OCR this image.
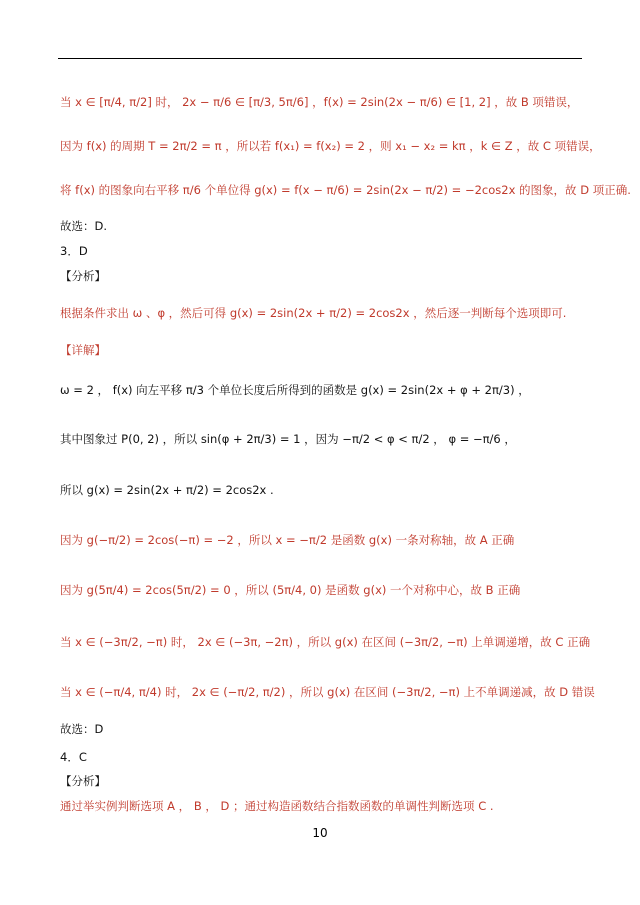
当 x ∈ [π/4, π/2] 时， 2x − π/6 ∈ [π/3, 5π/6] ，f(x) = 2sin(2x − π/6) ∈ [1, 2] ，故 B 项错误，
因为 f(x) 的周期 T = 2π/2 = π ，所以若 f(x₁) = f(x₂) = 2 ，则 x₁ − x₂ = kπ ，k ∈ Z ，故 C 项错误，
将 f(x) 的图象向右平移 π/6 个单位得 g(x) = f(x − π/6) = 2sin(2x − π/2) = −2cos2x 的图象，故 D 项正确.
故选：D.
3．D
【分析】
根据条件求出 ω 、φ ，然后可得 g(x) = 2sin(2x + π/2) = 2cos2x ，然后逐一判断每个选项即可.
【详解】
ω = 2 ， f(x) 向左平移 π/3 个单位长度后所得到的函数是 g(x) = 2sin(2x + φ + 2π/3) ，
其中图象过 P(0, 2) ，所以 sin(φ + 2π/3) = 1 ，因为 −π/2 < φ < π/2 ， φ = −π/6 ，
所以 g(x) = 2sin(2x + π/2) = 2cos2x .
因为 g(−π/2) = 2cos(−π) = −2 ，所以 x = −π/2 是函数 g(x) 一条对称轴，故 A 正确
因为 g(5π/4) = 2cos(5π/2) = 0 ，所以 (5π/4, 0) 是函数 g(x) 一个对称中心，故 B 正确
当 x ∈ (−3π/2, −π) 时， 2x ∈ (−3π, −2π) ，所以 g(x) 在区间 (−3π/2, −π) 上单调递增，故 C 正确
当 x ∈ (−π/4, π/4) 时， 2x ∈ (−π/2, π/2) ，所以 g(x) 在区间 (−3π/2, −π) 上不单调递减，故 D 错误
故选：D
4．C
【分析】
通过举实例判断选项 A ， B ， D ；通过构造函数结合指数函数的单调性判断选项 C .
10
